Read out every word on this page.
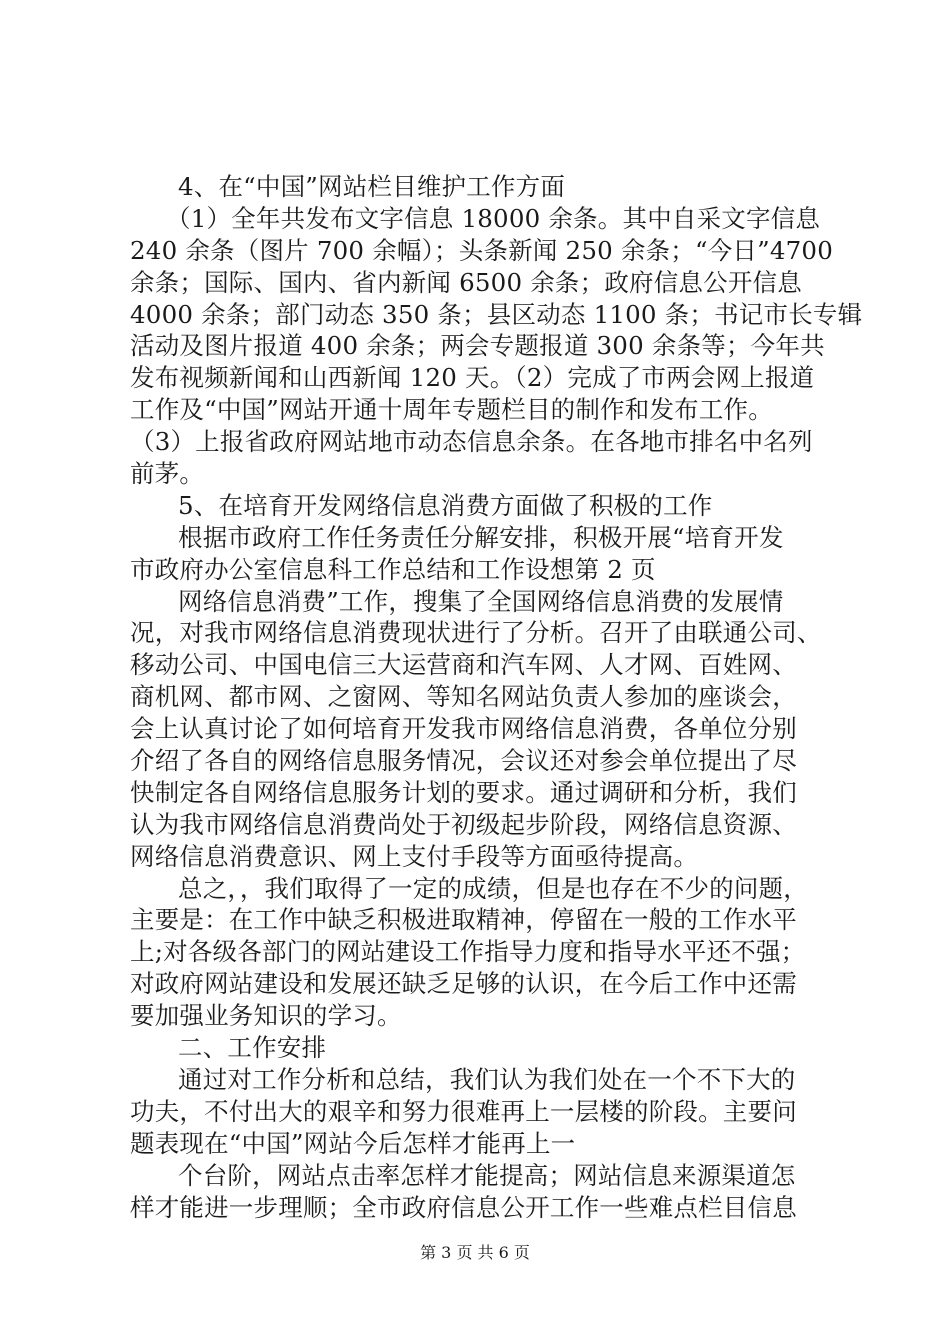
4、在“中国”网站栏目维护工作方面
（1）全年共发布文字信息 18000 余条。其中自采文字信息
240 余条（图片 700 余幅）；头条新闻 250 余条；“今日”4700
余条；国际、国内、省内新闻 6500 余条；政府信息公开信息
4000 余条；部门动态 350 条；县区动态 1100 条；书记市长专辑
活动及图片报道 400 余条；两会专题报道 300 余条等；今年共
发布视频新闻和山西新闻 120 天。（2）完成了市两会网上报道
工作及“中国”网站开通十周年专题栏目的制作和发布工作。
（3）上报省政府网站地市动态信息余条。在各地市排名中名列
前茅。
5、在培育开发网络信息消费方面做了积极的工作
根据市政府工作任务责任分解安排，积极开展“培育开发
市政府办公室信息科工作总结和工作设想第 2 页
网络信息消费”工作，搜集了全国网络信息消费的发展情
况，对我市网络信息消费现状进行了分析。召开了由联通公司、
移动公司、中国电信三大运营商和汽车网、人才网、百姓网、
商机网、都市网、之窗网、等知名网站负责人参加的座谈会，
会上认真讨论了如何培育开发我市网络信息消费，各单位分别
介绍了各自的网络信息服务情况，会议还对参会单位提出了尽
快制定各自网络信息服务计划的要求。通过调研和分析，我们
认为我市网络信息消费尚处于初级起步阶段，网络信息资源、
网络信息消费意识、网上支付手段等方面亟待提高。
总之，，我们取得了一定的成绩，但是也存在不少的问题，
主要是：在工作中缺乏积极进取精神，停留在一般的工作水平
上;对各级各部门的网站建设工作指导力度和指导水平还不强；
对政府网站建设和发展还缺乏足够的认识，在今后工作中还需
要加强业务知识的学习。
二、工作安排
通过对工作分析和总结，我们认为我们处在一个不下大的
功夫，不付出大的艰辛和努力很难再上一层楼的阶段。主要问
题表现在“中国”网站今后怎样才能再上一
个台阶，网站点击率怎样才能提高；网站信息来源渠道怎
样才能进一步理顺；全市政府信息公开工作一些难点栏目信息
第 3 页 共 6 页
